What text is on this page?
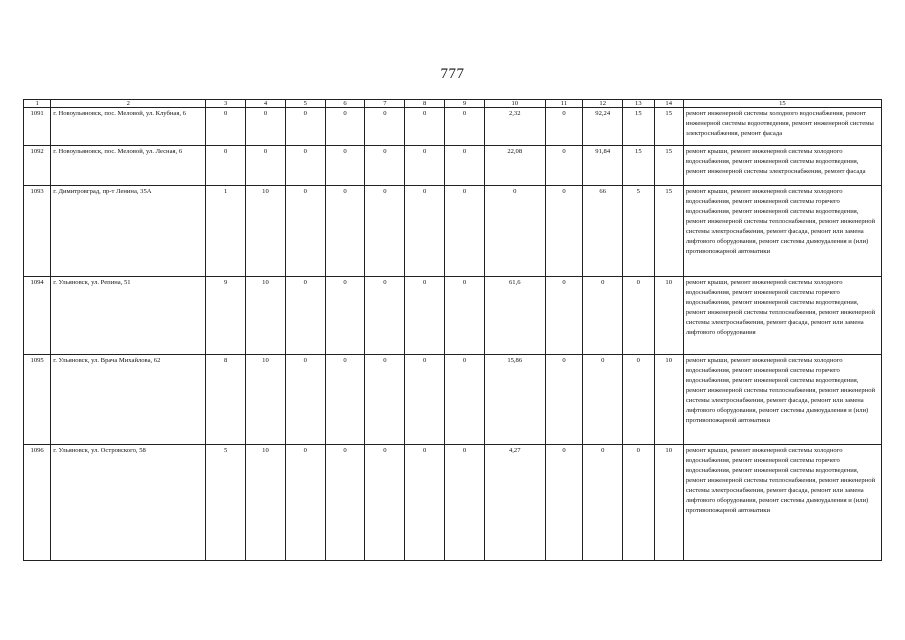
777
1	2	3	4	5	6	7	8	9	10	11	12	13	14	15
1091	г. Новоульяновск, пос. Меловой, ул. Клубная, 6	0	0	0	0	0	0	0	2,32	0	92,24	15	15	ремонт инженерной системы холодного водоснабжения, ремонт инженерной системы водоотведения, ремонт инженерной системы электроснабжения, ремонт фасада
1092	г. Новоульяновск, пос. Меловой, ул. Лесная, 6	0	0	0	0	0	0	0	22,08	0	91,84	15	15	ремонт крыши, ремонт инженерной системы холодного водоснабжения, ремонт инженерной системы водоотведения, ремонт инженерной системы электроснабжения, ремонт фасада
1093	г. Димитровград, пр-т Ленина, 35А	1	10	0	0	0	0	0	0	0	66	5	15	ремонт крыши, ремонт инженерной системы холодного водоснабжения, ремонт инженерной системы горячего водоснабжения, ремонт инженерной системы водоотведения, ремонт инженерной системы теплоснабжения, ремонт инженерной системы электроснабжения, ремонт фасада, ремонт или замена лифтового оборудования, ремонт системы дымоудаления и (или) противопожарной автоматики
1094	г. Ульяновск, ул. Репина, 51	9	10	0	0	0	0	0	61,6	0	0	0	10	ремонт крыши, ремонт инженерной системы холодного водоснабжения, ремонт инженерной системы горячего водоснабжения, ремонт инженерной системы водоотведения, ремонт инженерной системы теплоснабжения, ремонт инженерной системы электроснабжения, ремонт фасада, ремонт или замена лифтового оборудования
1095	г. Ульяновск, ул. Врача Михайлова, 62	8	10	0	0	0	0	0	15,86	0	0	0	10	ремонт крыши, ремонт инженерной системы холодного водоснабжения, ремонт инженерной системы горячего водоснабжения, ремонт инженерной системы водоотведения, ремонт инженерной системы теплоснабжения, ремонт инженерной системы электроснабжения, ремонт фасада, ремонт или замена лифтового оборудования, ремонт системы дымоудаления и (или) противопожарной автоматики
1096	г. Ульяновск, ул. Островского, 58	5	10	0	0	0	0	0	4,27	0	0	0	10	ремонт крыши, ремонт инженерной системы холодного водоснабжения, ремонт инженерной системы горячего водоснабжения, ремонт инженерной системы водоотведения, ремонт инженерной системы теплоснабжения, ремонт инженерной системы электроснабжения, ремонт фасада, ремонт или замена лифтового оборудования, ремонт системы дымоудаления и (или) противопожарной автоматики
